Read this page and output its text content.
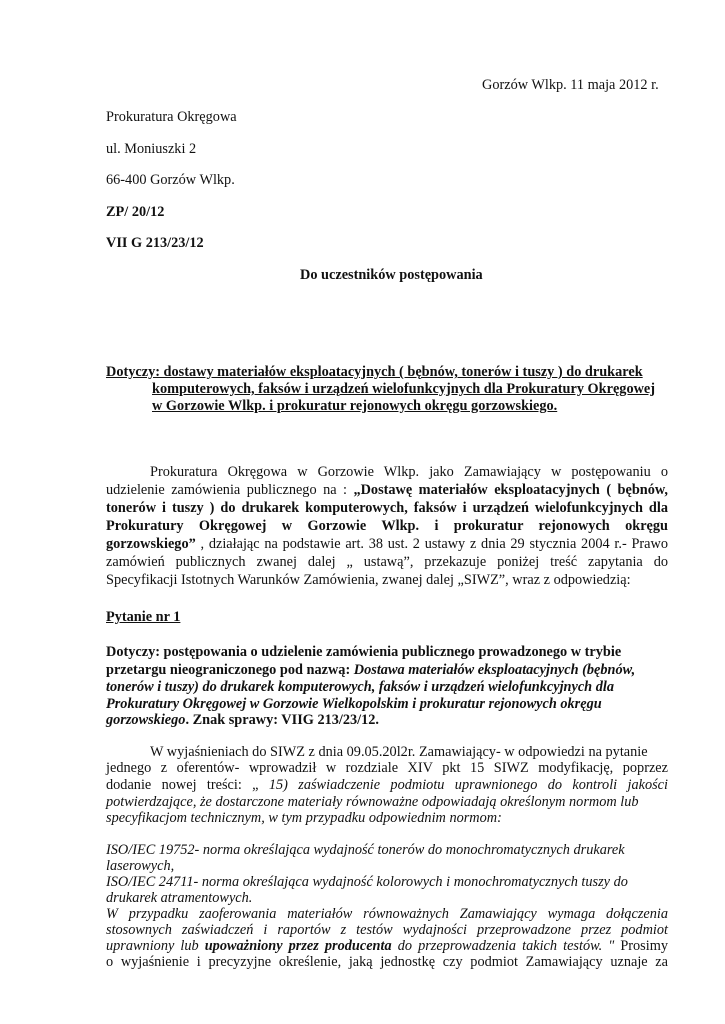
Gorzów Wlkp. 11 maja 2012 r.
Prokuratura Okręgowa
ul. Moniuszki 2
66-400 Gorzów Wlkp.
ZP/ 20/12
VII G 213/23/12
Do uczestników postępowania
Dotyczy: dostawy materiałów eksploatacyjnych ( bębnów, tonerów i tuszy ) do drukarek
komputerowych, faksów i urządzeń wielofunkcyjnych dla Prokuratury Okręgowej
w Gorzowie Wlkp. i prokuratur rejonowych okręgu gorzowskiego.
Prokuratura Okręgowa w Gorzowie Wlkp. jako Zamawiający w postępowaniu o
udzielenie zamówienia publicznego na : „Dostawę materiałów eksploatacyjnych ( bębnów,
tonerów i tuszy ) do drukarek komputerowych, faksów i urządzeń wielofunkcyjnych dla
Prokuratury Okręgowej w Gorzowie Wlkp. i prokuratur rejonowych okręgu
gorzowskiego” , działając na podstawie art. 38 ust. 2 ustawy z dnia 29 stycznia 2004 r.- Prawo
zamówień publicznych zwanej dalej „ ustawą”, przekazuje poniżej treść zapytania do
Specyfikacji Istotnych Warunków Zamówienia, zwanej dalej „SIWZ”, wraz z odpowiedzią:
Pytanie nr 1
Dotyczy: postępowania o udzielenie zamówienia publicznego prowadzonego w trybie
przetargu nieograniczonego pod nazwą: Dostawa materiałów eksploatacyjnych (bębnów,
tonerów i tuszy) do drukarek komputerowych, faksów i urządzeń wielofunkcyjnych dla
Prokuratury Okręgowej w Gorzowie Wielkopolskim i prokuratur rejonowych okręgu
gorzowskiego. Znak sprawy: VIIG 213/23/12.
W wyjaśnieniach do SIWZ z dnia 09.05.20l2r. Zamawiający- w odpowiedzi na pytanie
jednego z oferentów- wprowadził w rozdziale XIV pkt 15 SIWZ modyfikację, poprzez
dodanie nowej treści: „ 15) zaświadczenie podmiotu uprawnionego do kontroli jakości
potwierdzające, że dostarczone materiały równoważne odpowiadają określonym normom lub
specyfikacjom technicznym, w tym przypadku odpowiednim normom:
ISO/IEC 19752- norma określająca wydajność tonerów do monochromatycznych drukarek
laserowych,
ISO/IEC 24711- norma określająca wydajność kolorowych i monochromatycznych tuszy do
drukarek atramentowych.
W przypadku zaoferowania materiałów równoważnych Zamawiający wymaga dołączenia
stosownych zaświadczeń i raportów z testów wydajności przeprowadzone przez podmiot
uprawniony lub upoważniony przez producenta do przeprowadzenia takich testów. " Prosimy
o wyjaśnienie i precyzyjne określenie, jaką jednostkę czy podmiot Zamawiający uznaje za
